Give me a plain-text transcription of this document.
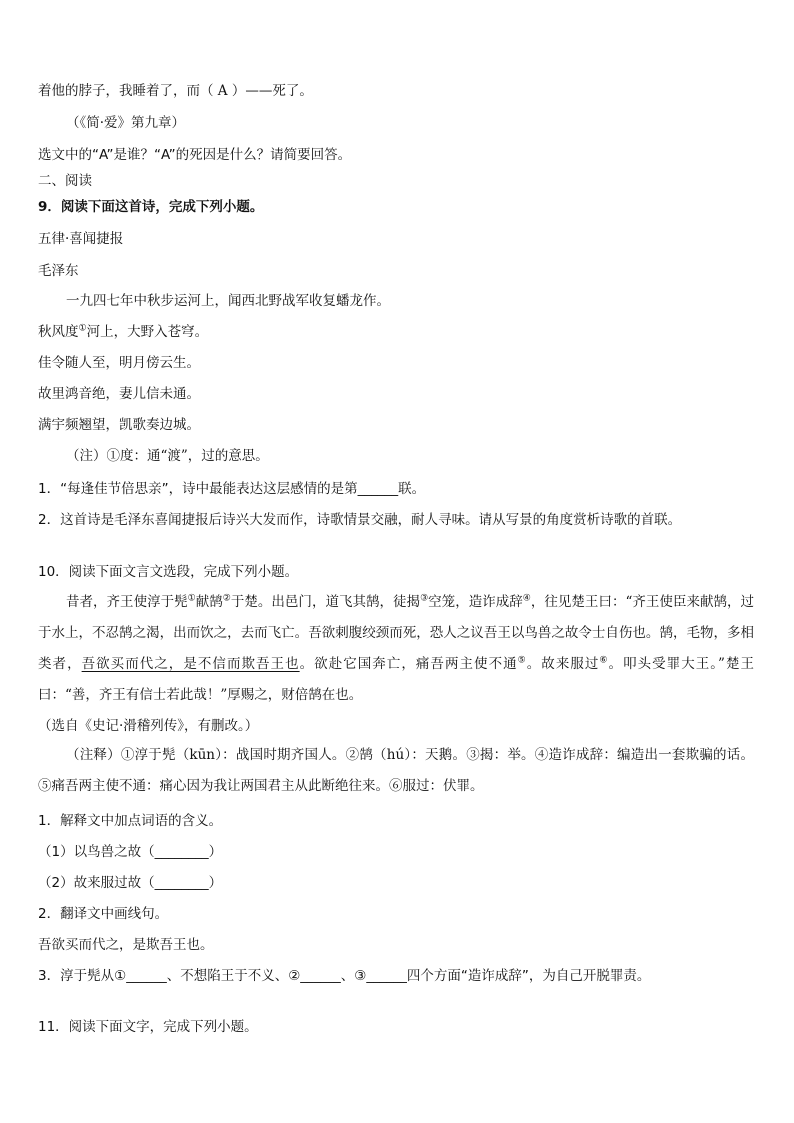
着他的脖子，我睡着了，而（ A ）——死了。
（《简·爱》第九章）
选文中的“A”是谁？“A”的死因是什么？请简要回答。
二、阅读
9．阅读下面这首诗，完成下列小题。
五律·喜闻捷报
毛泽东
一九四七年中秋步运河上，闻西北野战军收复蟠龙作。
秋风度①河上，大野入苍穹。
佳令随人至，明月傍云生。
故里鸿音绝，妻儿信未通。
满宇频翘望，凯歌奏边城。
（注）①度：通“渡”，过的意思。
1．“每逢佳节倍思亲”，诗中最能表达这层感情的是第______联。
2．这首诗是毛泽东喜闻捷报后诗兴大发而作，诗歌情景交融，耐人寻味。请从写景的角度赏析诗歌的首联。
10．阅读下面文言文选段，完成下列小题。
昔者，齐王使淳于髡①献鹄②于楚。出邑门，道飞其鹄，徒揭③空笼，造诈成辞④，往见楚王曰：“齐王使臣来献鹄，过于水上，不忍鹄之渴，出而饮之，去而飞亡。吾欲刺腹绞颈而死，恐人之议吾王以鸟兽之故令士自伤也。鹄，毛物，多相类者，吾欲买而代之，是不信而欺吾王也。欲赴它国奔亡，痛吾两主使不通⑤。故来服过⑥。叩头受罪大王。”楚王曰：“善，齐王有信士若此哉！”厚赐之，财倍鹄在也。
（选自《史记·滑稽列传》，有删改。）
（注释）①淳于髡（kūn）：战国时期齐国人。②鹄（hú）：天鹅。③揭：举。④造诈成辞：编造出一套欺骗的话。⑤痛吾两主使不通：痛心因为我让两国君主从此断绝往来。⑥服过：伏罪。
1．解释文中加点词语的含义。
（1）以鸟兽之故（________）
（2）故来服过故（________）
2．翻译文中画线句。
吾欲买而代之，是欺吾王也。
3．淳于髡从①______、不想陷王于不义、②______、③______四个方面“造诈成辞”，为自己开脱罪责。
11．阅读下面文字，完成下列小题。
